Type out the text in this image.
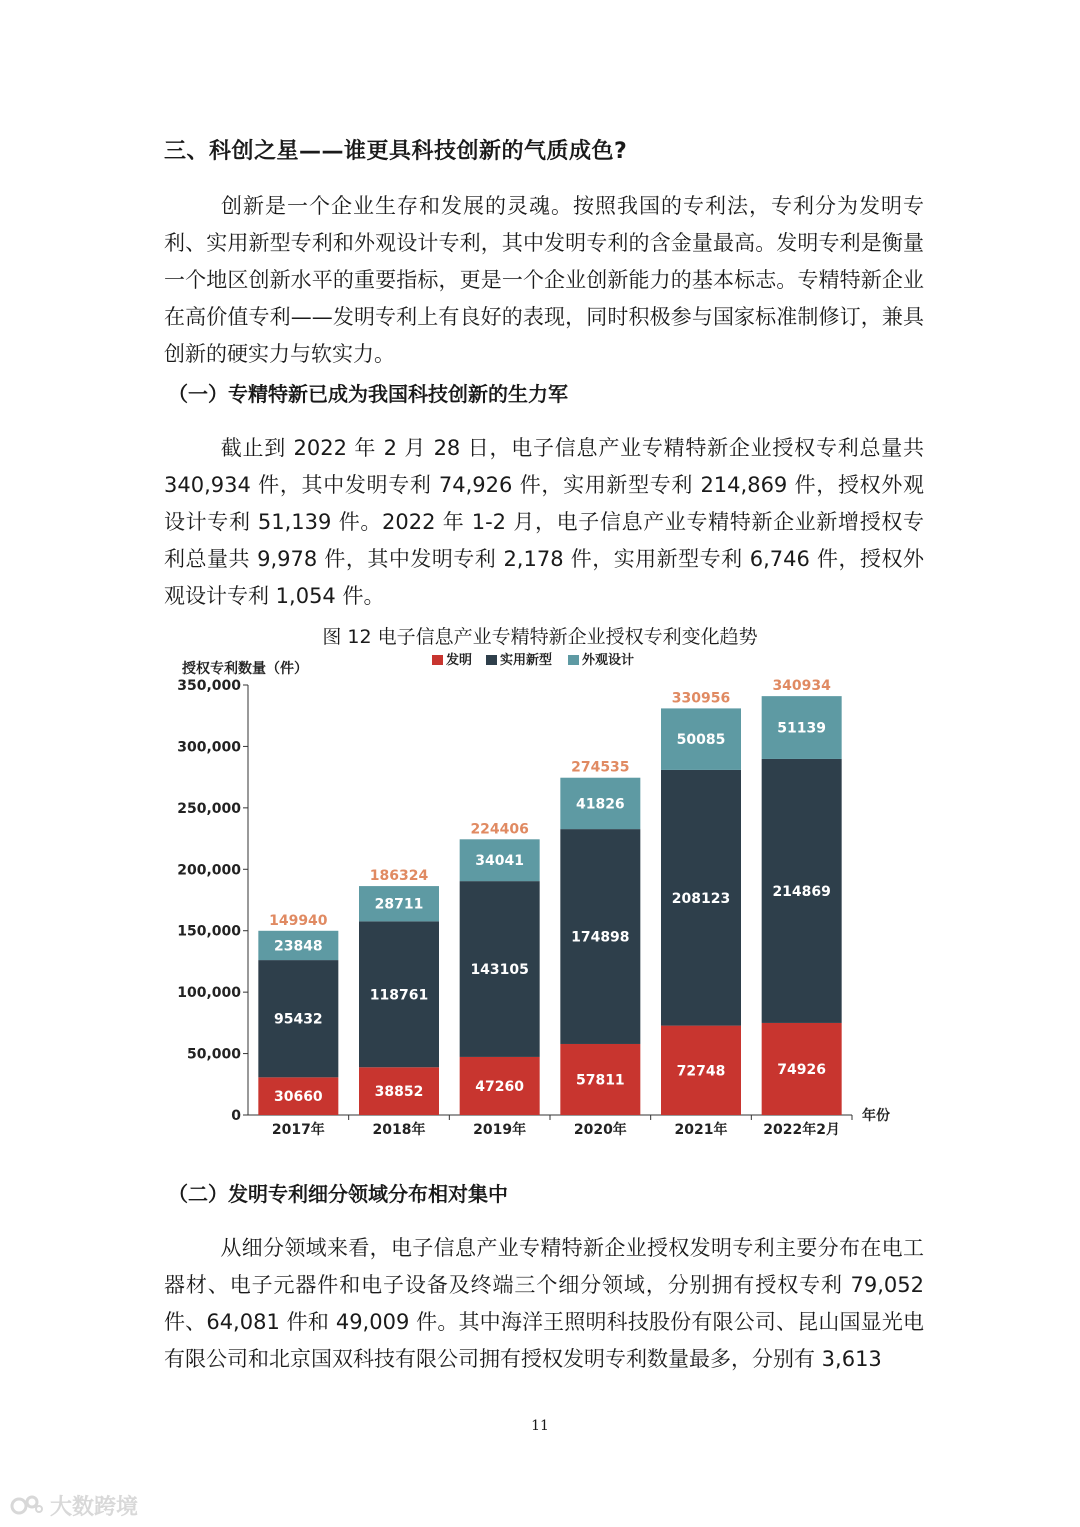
三、科创之星——谁更具科技创新的气质成色?
创新是一个企业生存和发展的灵魂。按照我国的专利法，专利分为发明专利、实用新型专利和外观设计专利，其中发明专利的含金量最高。发明专利是衡量一个地区创新水平的重要指标，更是一个企业创新能力的基本标志。专精特新企业在高价值专利——发明专利上有良好的表现，同时积极参与国家标准制修订，兼具创新的硬实力与软实力。
（一）专精特新已成为我国科技创新的生力军
截止到 2022 年 2 月 28 日，电子信息产业专精特新企业授权专利总量共 340,934 件，其中发明专利 74,926 件，实用新型专利 214,869 件，授权外观设计专利 51,139 件。2022 年 1-2 月，电子信息产业专精特新企业新增授权专利总量共 9,978 件，其中发明专利 2,178 件，实用新型专利 6,746 件，授权外观设计专利 1,054 件。
图 12 电子信息产业专精特新企业授权专利变化趋势
授权专利数量（件）
发明 实用新型 外观设计
0
50,000
100,000
150,000
200,000
250,000
300,000
350,000
年份
30660
95432
23848
149940
2017年
38852
118761
28711
186324
2018年
47260
143105
34041
224406
2019年
57811
174898
41826
274535
2020年
72748
208123
50085
330956
2021年
74926
214869
51139
340934
2022年2月
（二）发明专利细分领域分布相对集中
从细分领域来看，电子信息产业专精特新企业授权发明专利主要分布在电工器材、电子元器件和电子设备及终端三个细分领域，分别拥有授权专利 79,052 件、64,081 件和 49,009 件。其中海洋王照明科技股份有限公司、昆山国显光电有限公司和北京国双科技有限公司拥有授权发明专利数量最多，分别有 3,613
11
大数跨境
